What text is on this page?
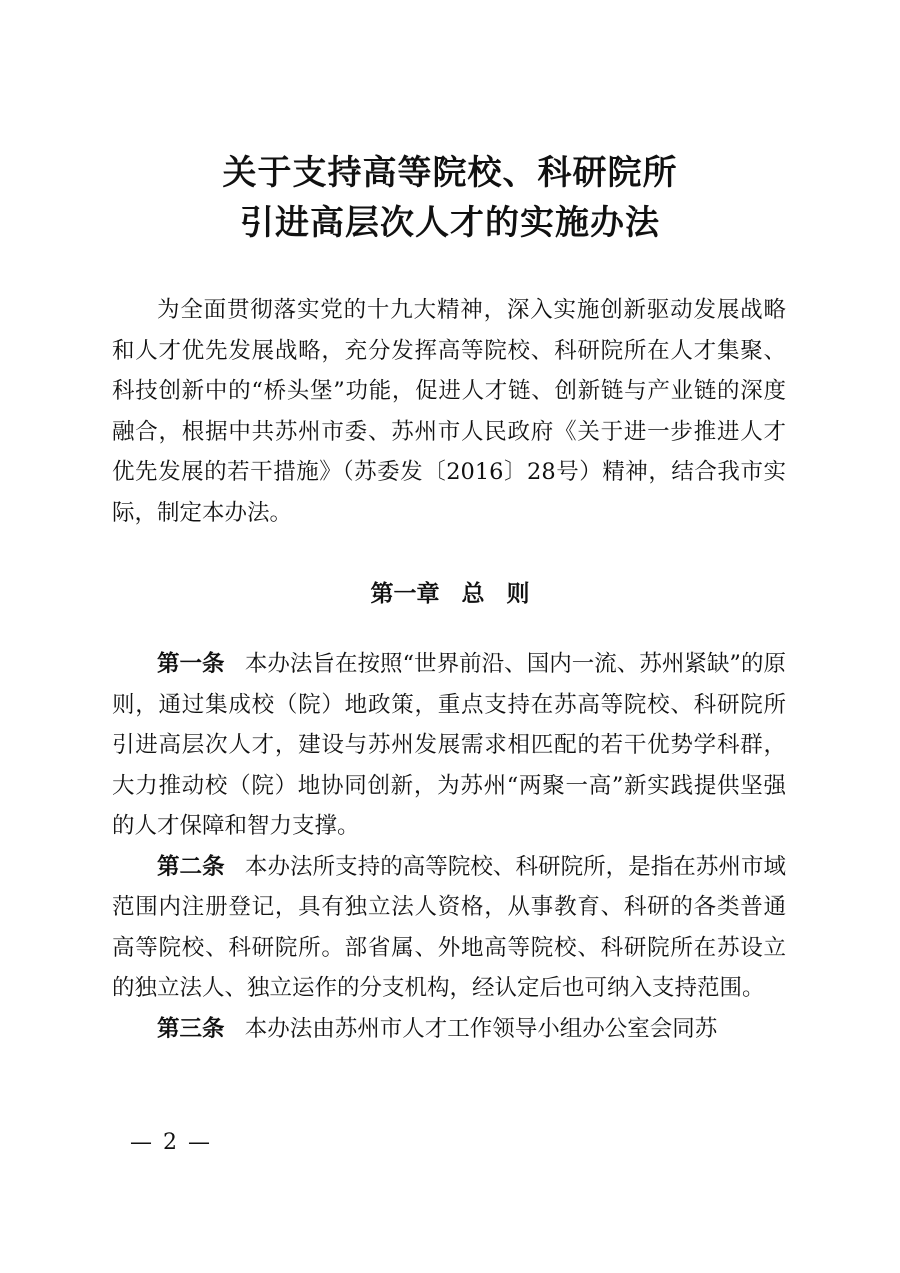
关于支持高等院校、科研院所
引进高层次人才的实施办法

为全面贯彻落实党的十九大精神，深入实施创新驱动发展战略和人才优先发展战略，充分发挥高等院校、科研院所在人才集聚、科技创新中的“桥头堡”功能，促进人才链、创新链与产业链的深度融合，根据中共苏州市委、苏州市人民政府《关于进一步推进人才优先发展的若干措施》（苏委发〔2016〕28号）精神，结合我市实际，制定本办法。

第一章 总 则

第一条 本办法旨在按照“世界前沿、国内一流、苏州紧缺”的原则，通过集成校（院）地政策，重点支持在苏高等院校、科研院所引进高层次人才，建设与苏州发展需求相匹配的若干优势学科群，大力推动校（院）地协同创新，为苏州“两聚一高”新实践提供坚强的人才保障和智力支撑。

第二条 本办法所支持的高等院校、科研院所，是指在苏州市域范围内注册登记，具有独立法人资格，从事教育、科研的各类普通高等院校、科研院所。部省属、外地高等院校、科研院所在苏设立的独立法人、独立运作的分支机构，经认定后也可纳入支持范围。

第三条 本办法由苏州市人才工作领导小组办公室会同苏

— 2 —
